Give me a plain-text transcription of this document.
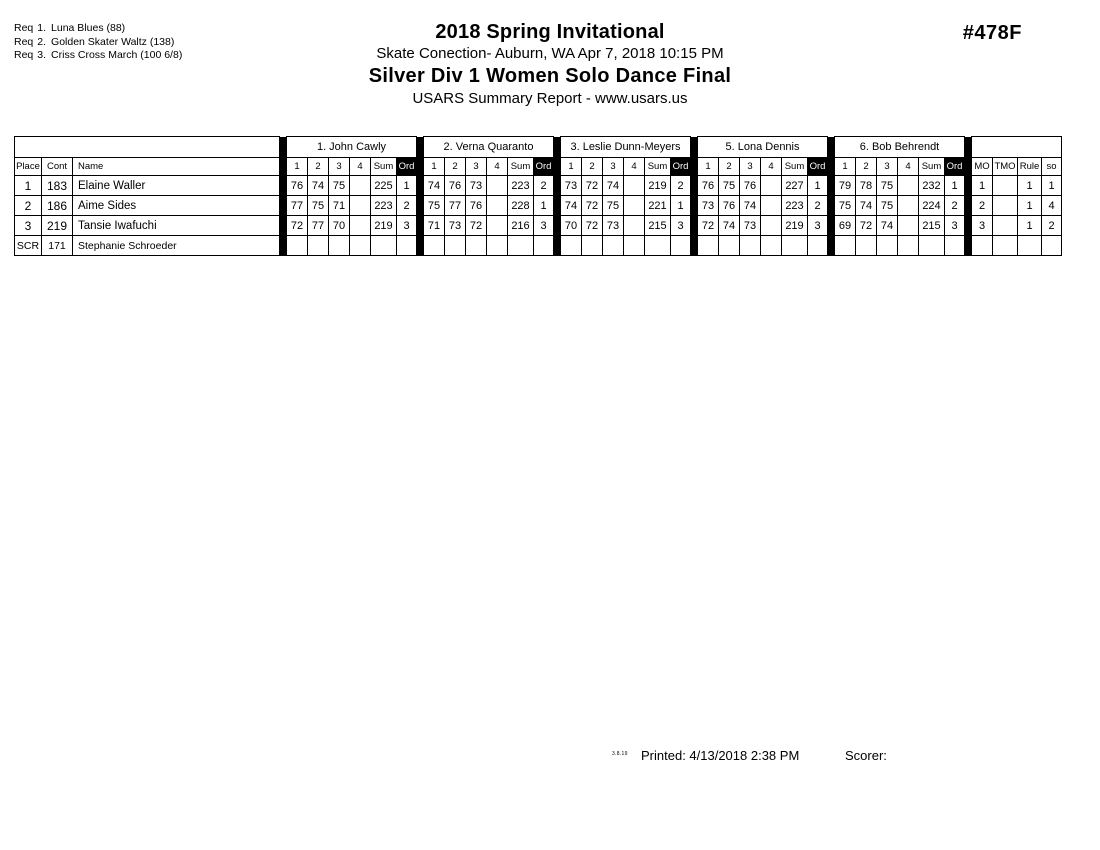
Req 1. Luna Blues (88)
Req 2. Golden Skater Waltz (138)
Req 3. Criss Cross March (100 6/8)
2018 Spring Invitational
Skate Conection- Auburn, WA Apr 7, 2018 10:15 PM
Silver Div 1 Women Solo Dance Final
USARS Summary Report - www.usars.us
#478F
				1. John Cawly							2. Verna Quaranto							3. Leslie Dunn-Meyers							5. Lona Dennis							6. Bob Behrendt										
Place	Cont	Name		1	2	3	4	Sum	Ord		1	2	3	4	Sum	Ord		1	2	3	4	Sum	Ord		1	2	3	4	Sum	Ord		1	2	3	4	Sum	Ord		MO	TMO	Rule	so
1	183	Elaine Waller		76	74	75		225	1		74	76	73		223	2		73	72	74		219	2		76	75	76		227	1		79	78	75		232	1		1		1	1
2	186	Aime Sides		77	75	71		223	2		75	77	76		228	1		74	72	75		221	1		73	76	74		223	2		75	74	75		224	2		2		1	4
3	219	Tansie Iwafuchi		72	77	70		219	3		71	73	72		216	3		70	72	73		215	3		72	74	73		219	3		69	72	74		215	3		3		1	2
SCR	171	Stephanie Schroeder																																								
3.8.19 Printed: 4/13/2018 2:38 PM	Scorer:
